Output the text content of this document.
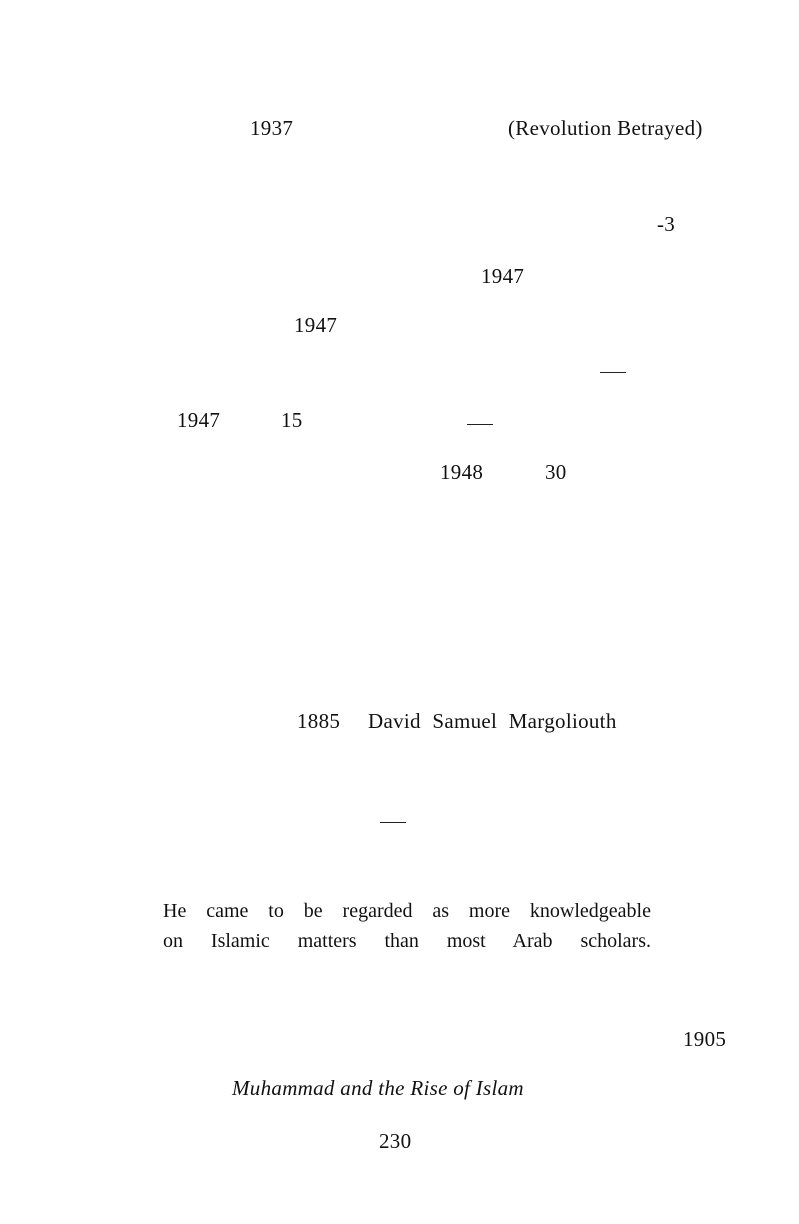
1937	(Revolution Betrayed)
-3
1947
1947
1947	15
1948	30
1885 David Samuel Margoliouth
He came to be regarded as more knowledgeable
on Islamic matters than most Arab scholars.
1905
Muhammad and the Rise of Islam
230
